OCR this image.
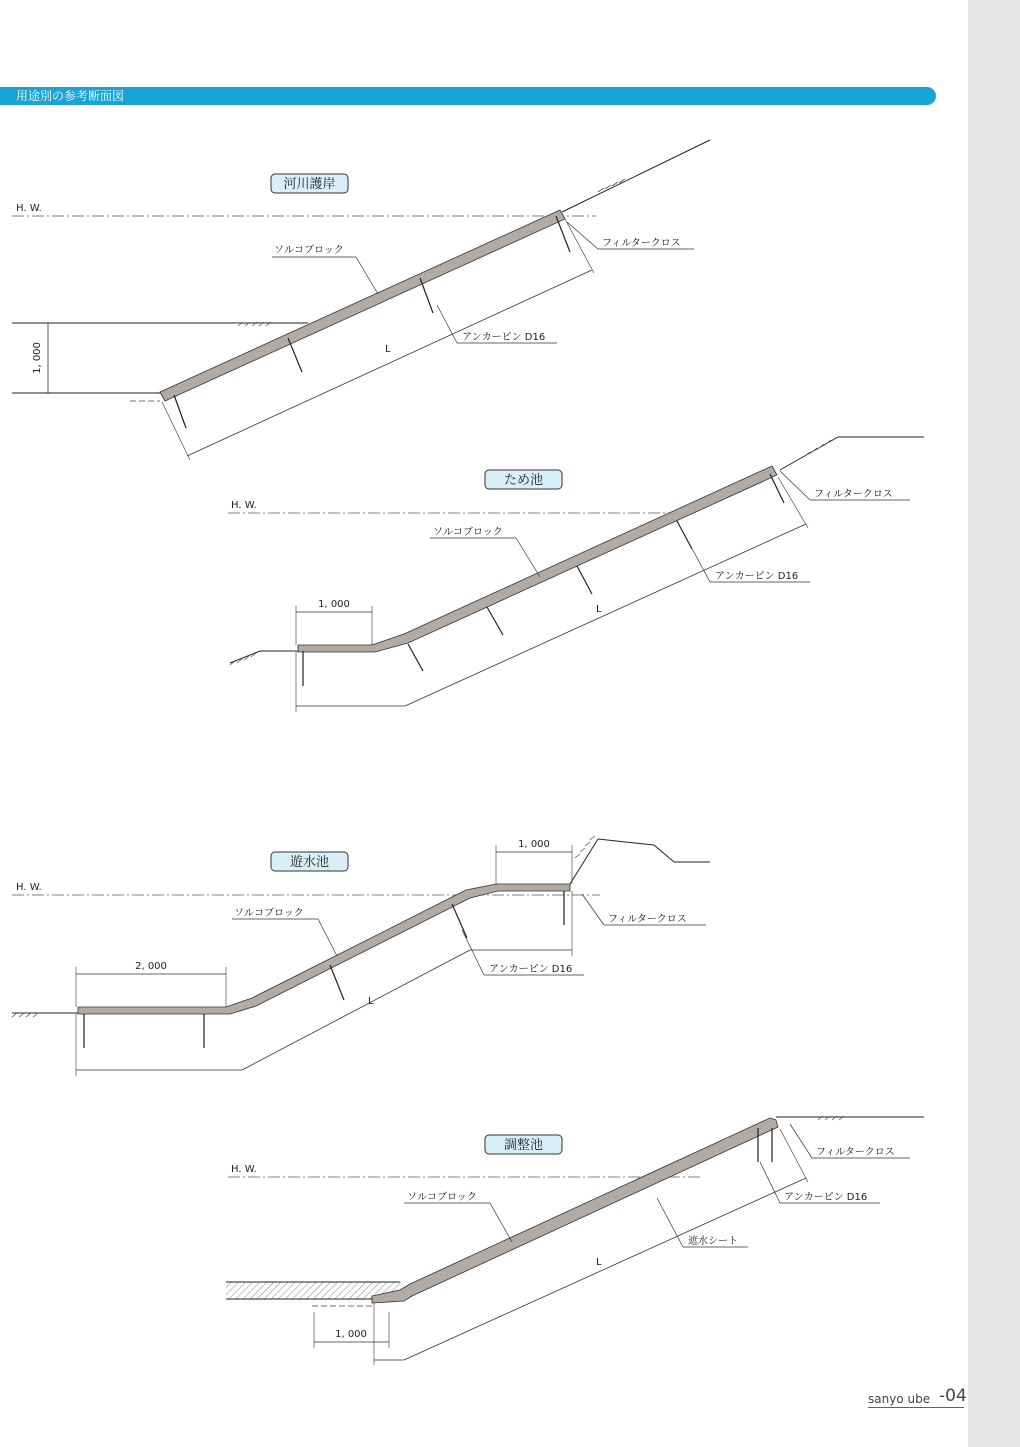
用途別の参考断面図
河川護岸
H. W.
1, 000	L
ソルコブロック
フィルタークロス
アンカーピン D16
ため池
H. W.
1, 000	L
ソルコブロック
フィルタークロス
アンカーピン D16
遊水池
H. W.
1, 000
2, 000
L
ソルコブロック
フィルタークロス
アンカーピン D16
調整池
H. W.
1, 000
L
ソルコブロック
フィルタークロス
アンカーピン D16
遮水シート
sanyo ube -04
